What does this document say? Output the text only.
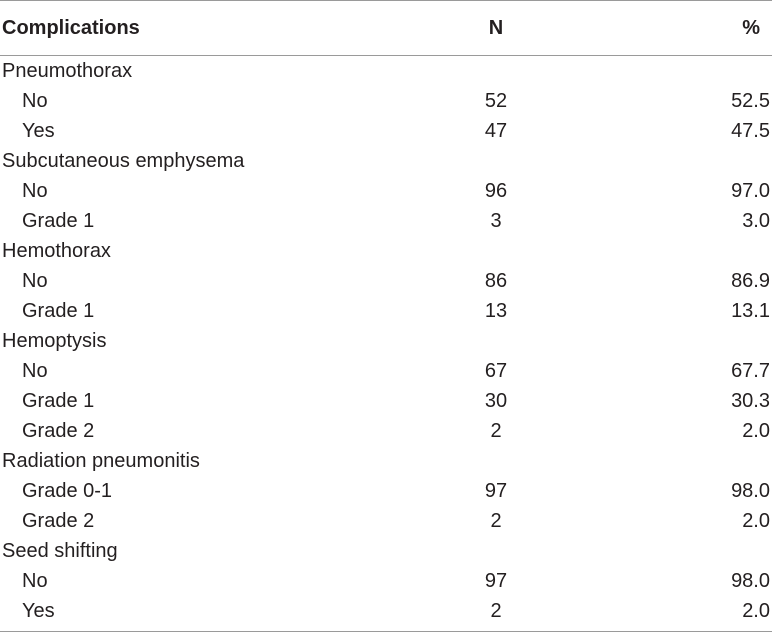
Complications	N	%
Pneumothorax		
No	52	52.5
Yes	47	47.5
Subcutaneous emphysema		
No	96	97.0
Grade 1	3	3.0
Hemothorax		
No	86	86.9
Grade 1	13	13.1
Hemoptysis		
No	67	67.7
Grade 1	30	30.3
Grade 2	2	2.0
Radiation pneumonitis		
Grade 0-1	97	98.0
Grade 2	2	2.0
Seed shifting		
No	97	98.0
Yes	2	2.0
